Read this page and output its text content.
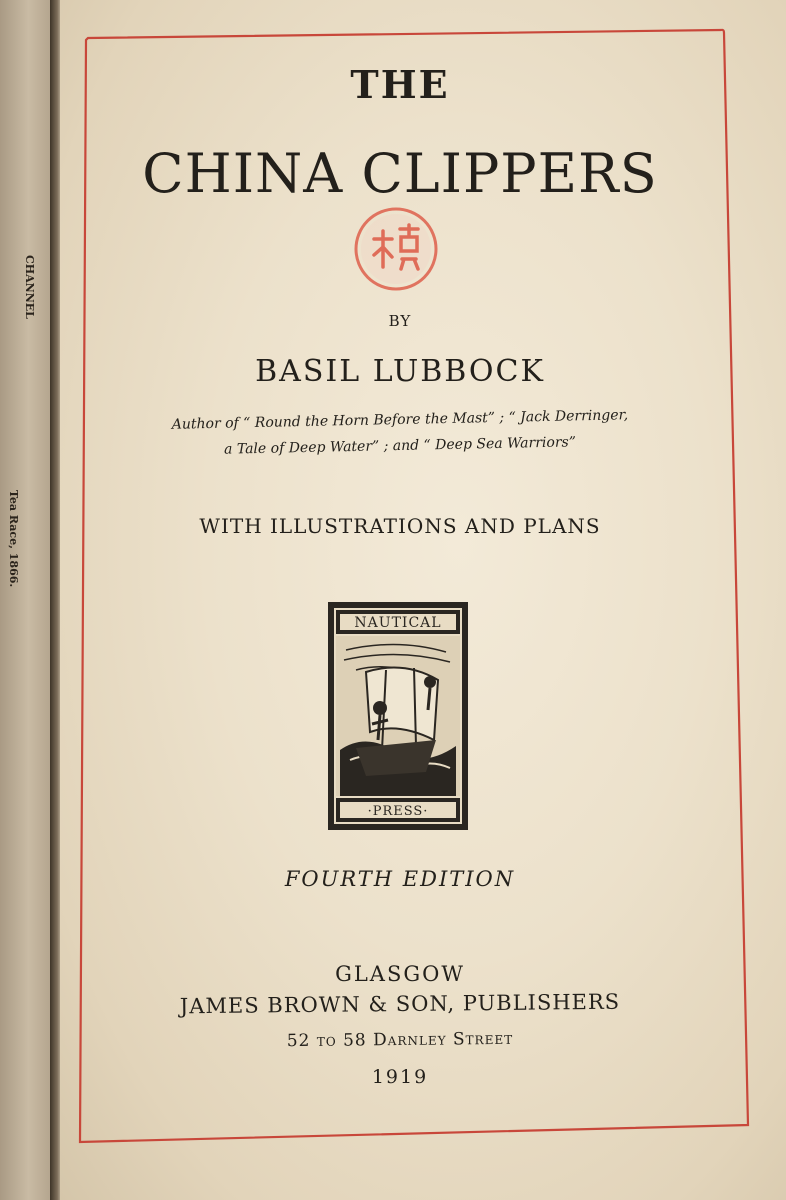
CHANNEL
Tea Race, 1866.
THE
CHINA CLIPPERS
BY
BASIL LUBBOCK
Author of “ Round the Horn Before the Mast” ; “ Jack Derringer,
a Tale of Deep Water” ; and “ Deep Sea Warriors”
WITH ILLUSTRATIONS AND PLANS
NAUTICAL
·PRESS·
FOURTH EDITION
GLASGOW
JAMES BROWN & SON, PUBLISHERS
52 to 58 Darnley Street
1919
